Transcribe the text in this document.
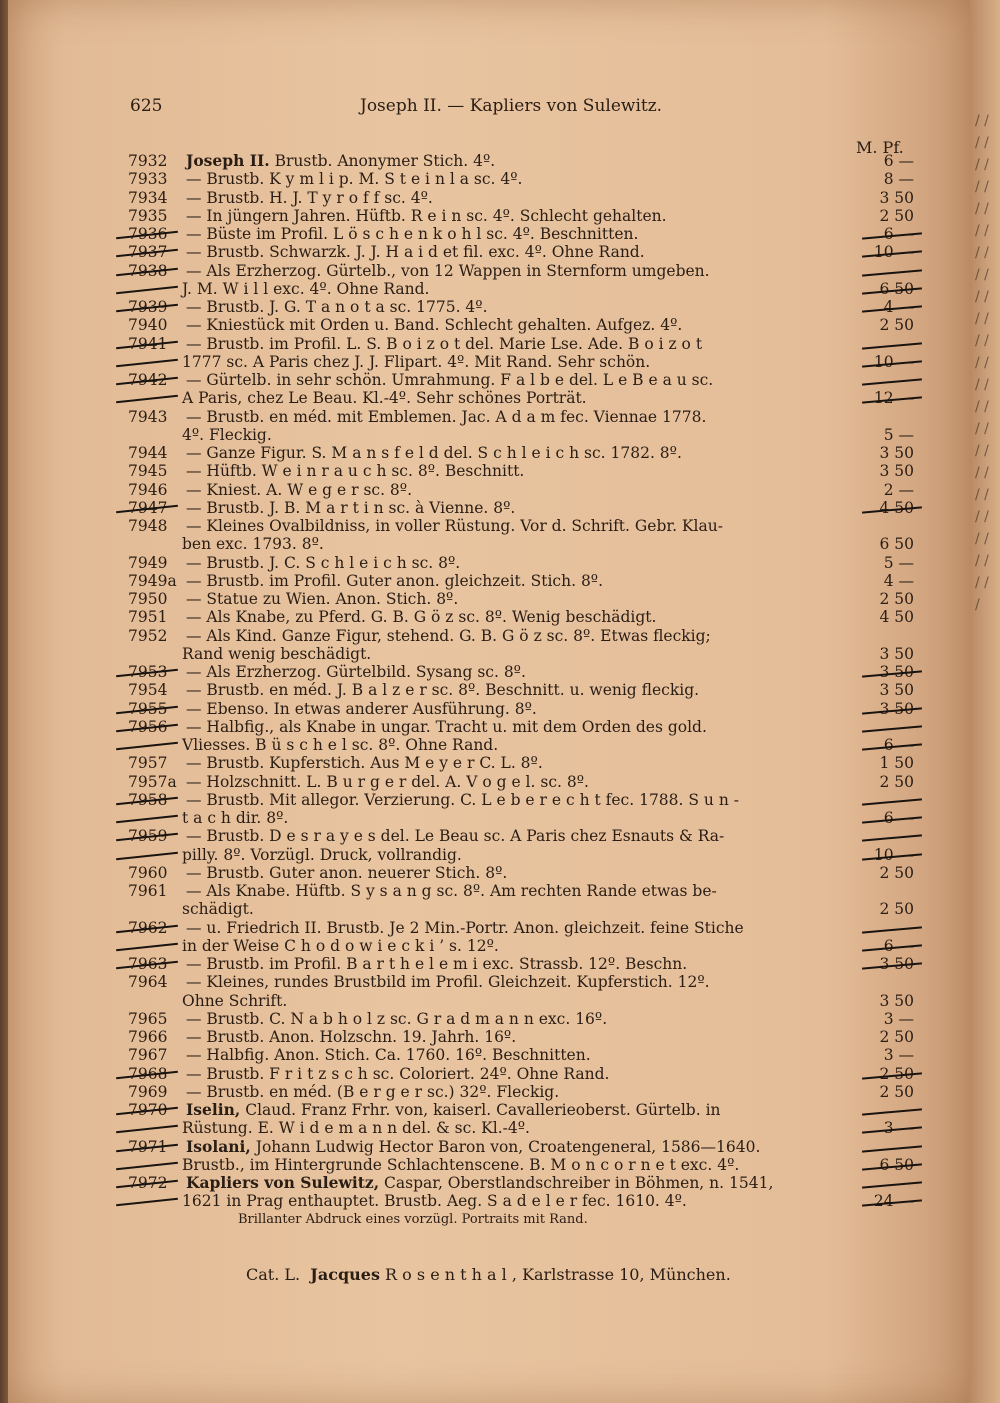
625	Joseph II. — Kapliers von Sulewitz.
M. Pf.
7932	Joseph II. Brustb. Anonymer Stich. 4º.	6 —
7933	— Brustb. K y m l i p. M. S t e i n l a sc. 4º.	8 —
7934	— Brustb. H. J. T y r o f f sc. 4º.	3 50
7935	— In jüngern Jahren. Hüftb. R e i n sc. 4º. Schlecht gehalten.	2 50
7936	— Büste im Profil. L ö s c h e n k o h l sc. 4º. Beschnitten.	6 —
7937	— Brustb. Schwarzk. J. J. H a i d et fil. exc. 4º. Ohne Rand.	10 —
7938	— Als Erzherzog. Gürtelb., von 12 Wappen in Sternform umgeben.
J. M. W i l l exc. 4º. Ohne Rand.	6 50
7939	— Brustb. J. G. T a n o t a sc. 1775. 4º.	4 —
7940	— Kniestück mit Orden u. Band. Schlecht gehalten. Aufgez. 4º.	2 50
7941	— Brustb. im Profil. L. S. B o i z o t del. Marie Lse. Ade. B o i z o t
1777 sc. A Paris chez J. J. Flipart. 4º. Mit Rand. Sehr schön.	10 —
7942	— Gürtelb. in sehr schön. Umrahmung. F a l b e del. L e B e a u sc.
A Paris, chez Le Beau. Kl.-4º. Sehr schönes Porträt.	12 —
7943	— Brustb. en méd. mit Emblemen. Jac. A d a m fec. Viennae 1778.
4º. Fleckig.	5 —
7944	— Ganze Figur. S. M a n s f e l d del. S c h l e i c h sc. 1782. 8º.	3 50
7945	— Hüftb. W e i n r a u c h sc. 8º. Beschnitt.	3 50
7946	— Kniest. A. W e g e r sc. 8º.	2 —
7947	— Brustb. J. B. M a r t i n sc. à Vienne. 8º.	4 50
7948	— Kleines Ovalbildniss, in voller Rüstung. Vor d. Schrift. Gebr. Klau-
ben exc. 1793. 8º.	6 50
7949	— Brustb. J. C. S c h l e i c h sc. 8º.	5 —
7949a — Brustb. im Profil. Guter anon. gleichzeit. Stich. 8º.	4 —
7950	— Statue zu Wien. Anon. Stich. 8º.	2 50
7951	— Als Knabe, zu Pferd. G. B. G ö z sc. 8º. Wenig beschädigt.	4 50
7952	— Als Kind. Ganze Figur, stehend. G. B. G ö z sc. 8º. Etwas fleckig;
Rand wenig beschädigt.	3 50
7953	— Als Erzherzog. Gürtelbild. Sysang sc. 8º.	3 50
7954	— Brustb. en méd. J. B a l z e r sc. 8º. Beschnitt. u. wenig fleckig.	3 50
7955	— Ebenso. In etwas anderer Ausführung. 8º.	3 50
7956	— Halbfig., als Knabe in ungar. Tracht u. mit dem Orden des gold.
Vliesses. B ü s c h e l sc. 8º. Ohne Rand.	6 —
7957	— Brustb. Kupferstich. Aus M e y e r C. L. 8º.	1 50
7957a — Holzschnitt. L. B u r g e r del. A. V o g e l. sc. 8º.	2 50
7958	— Brustb. Mit allegor. Verzierung. C. L e b e r e c h t fec. 1788. S u n -
t a c h dir. 8º.	6 —
7959	— Brustb. D e s r a y e s del. Le Beau sc. A Paris chez Esnauts & Ra-
pilly. 8º. Vorzügl. Druck, vollrandig.	10 —
7960	— Brustb. Guter anon. neuerer Stich. 8º.	2 50
7961	— Als Knabe. Hüftb. S y s a n g sc. 8º. Am rechten Rande etwas be-
schädigt.	2 50
7962	— u. Friedrich II. Brustb. Je 2 Min.-Portr. Anon. gleichzeit. feine Stiche
in der Weise C h o d o w i e c k i ’ s. 12º.	6 —
7963	— Brustb. im Profil. B a r t h e l e m i exc. Strassb. 12º. Beschn.	3 50
7964	— Kleines, rundes Brustbild im Profil. Gleichzeit. Kupferstich. 12º.
Ohne Schrift.	3 50
7965	— Brustb. C. N a b h o l z sc. G r a d m a n n exc. 16º.	3 —
7966	— Brustb. Anon. Holzschn. 19. Jahrh. 16º.	2 50
7967	— Halbfig. Anon. Stich. Ca. 1760. 16º. Beschnitten.	3 —
7968	— Brustb. F r i t z s c h sc. Coloriert. 24º. Ohne Rand.	2 50
7969	— Brustb. en méd. (B e r g e r sc.) 32º. Fleckig.	2 50
7970	Iselin, Claud. Franz Frhr. von, kaiserl. Cavallerieoberst. Gürtelb. in
Rüstung. E. W i d e m a n n del. & sc. Kl.-4º.	3 —
7971	Isolani, Johann Ludwig Hector Baron von, Croatengeneral, 1586—1640.
Brustb., im Hintergrunde Schlachtenscene. B. M o n c o r n e t exc. 4º.	6 50
7972	Kapliers von Sulewitz, Caspar, Oberstlandschreiber in Böhmen, n. 1541,
1621 in Prag enthauptet. Brustb. Aeg. S a d e l e r fec. 1610. 4º.	24 —
Brillanter Abdruck eines vorzügl. Portraits mit Rand.
Cat. L. Jacques R o s e n t h a l , Karlstrasse 10, München.
/ / / / / / / / / / / / / / / / / / / / / / / / / / / / / / / / / / / / / / / / / / / / /
